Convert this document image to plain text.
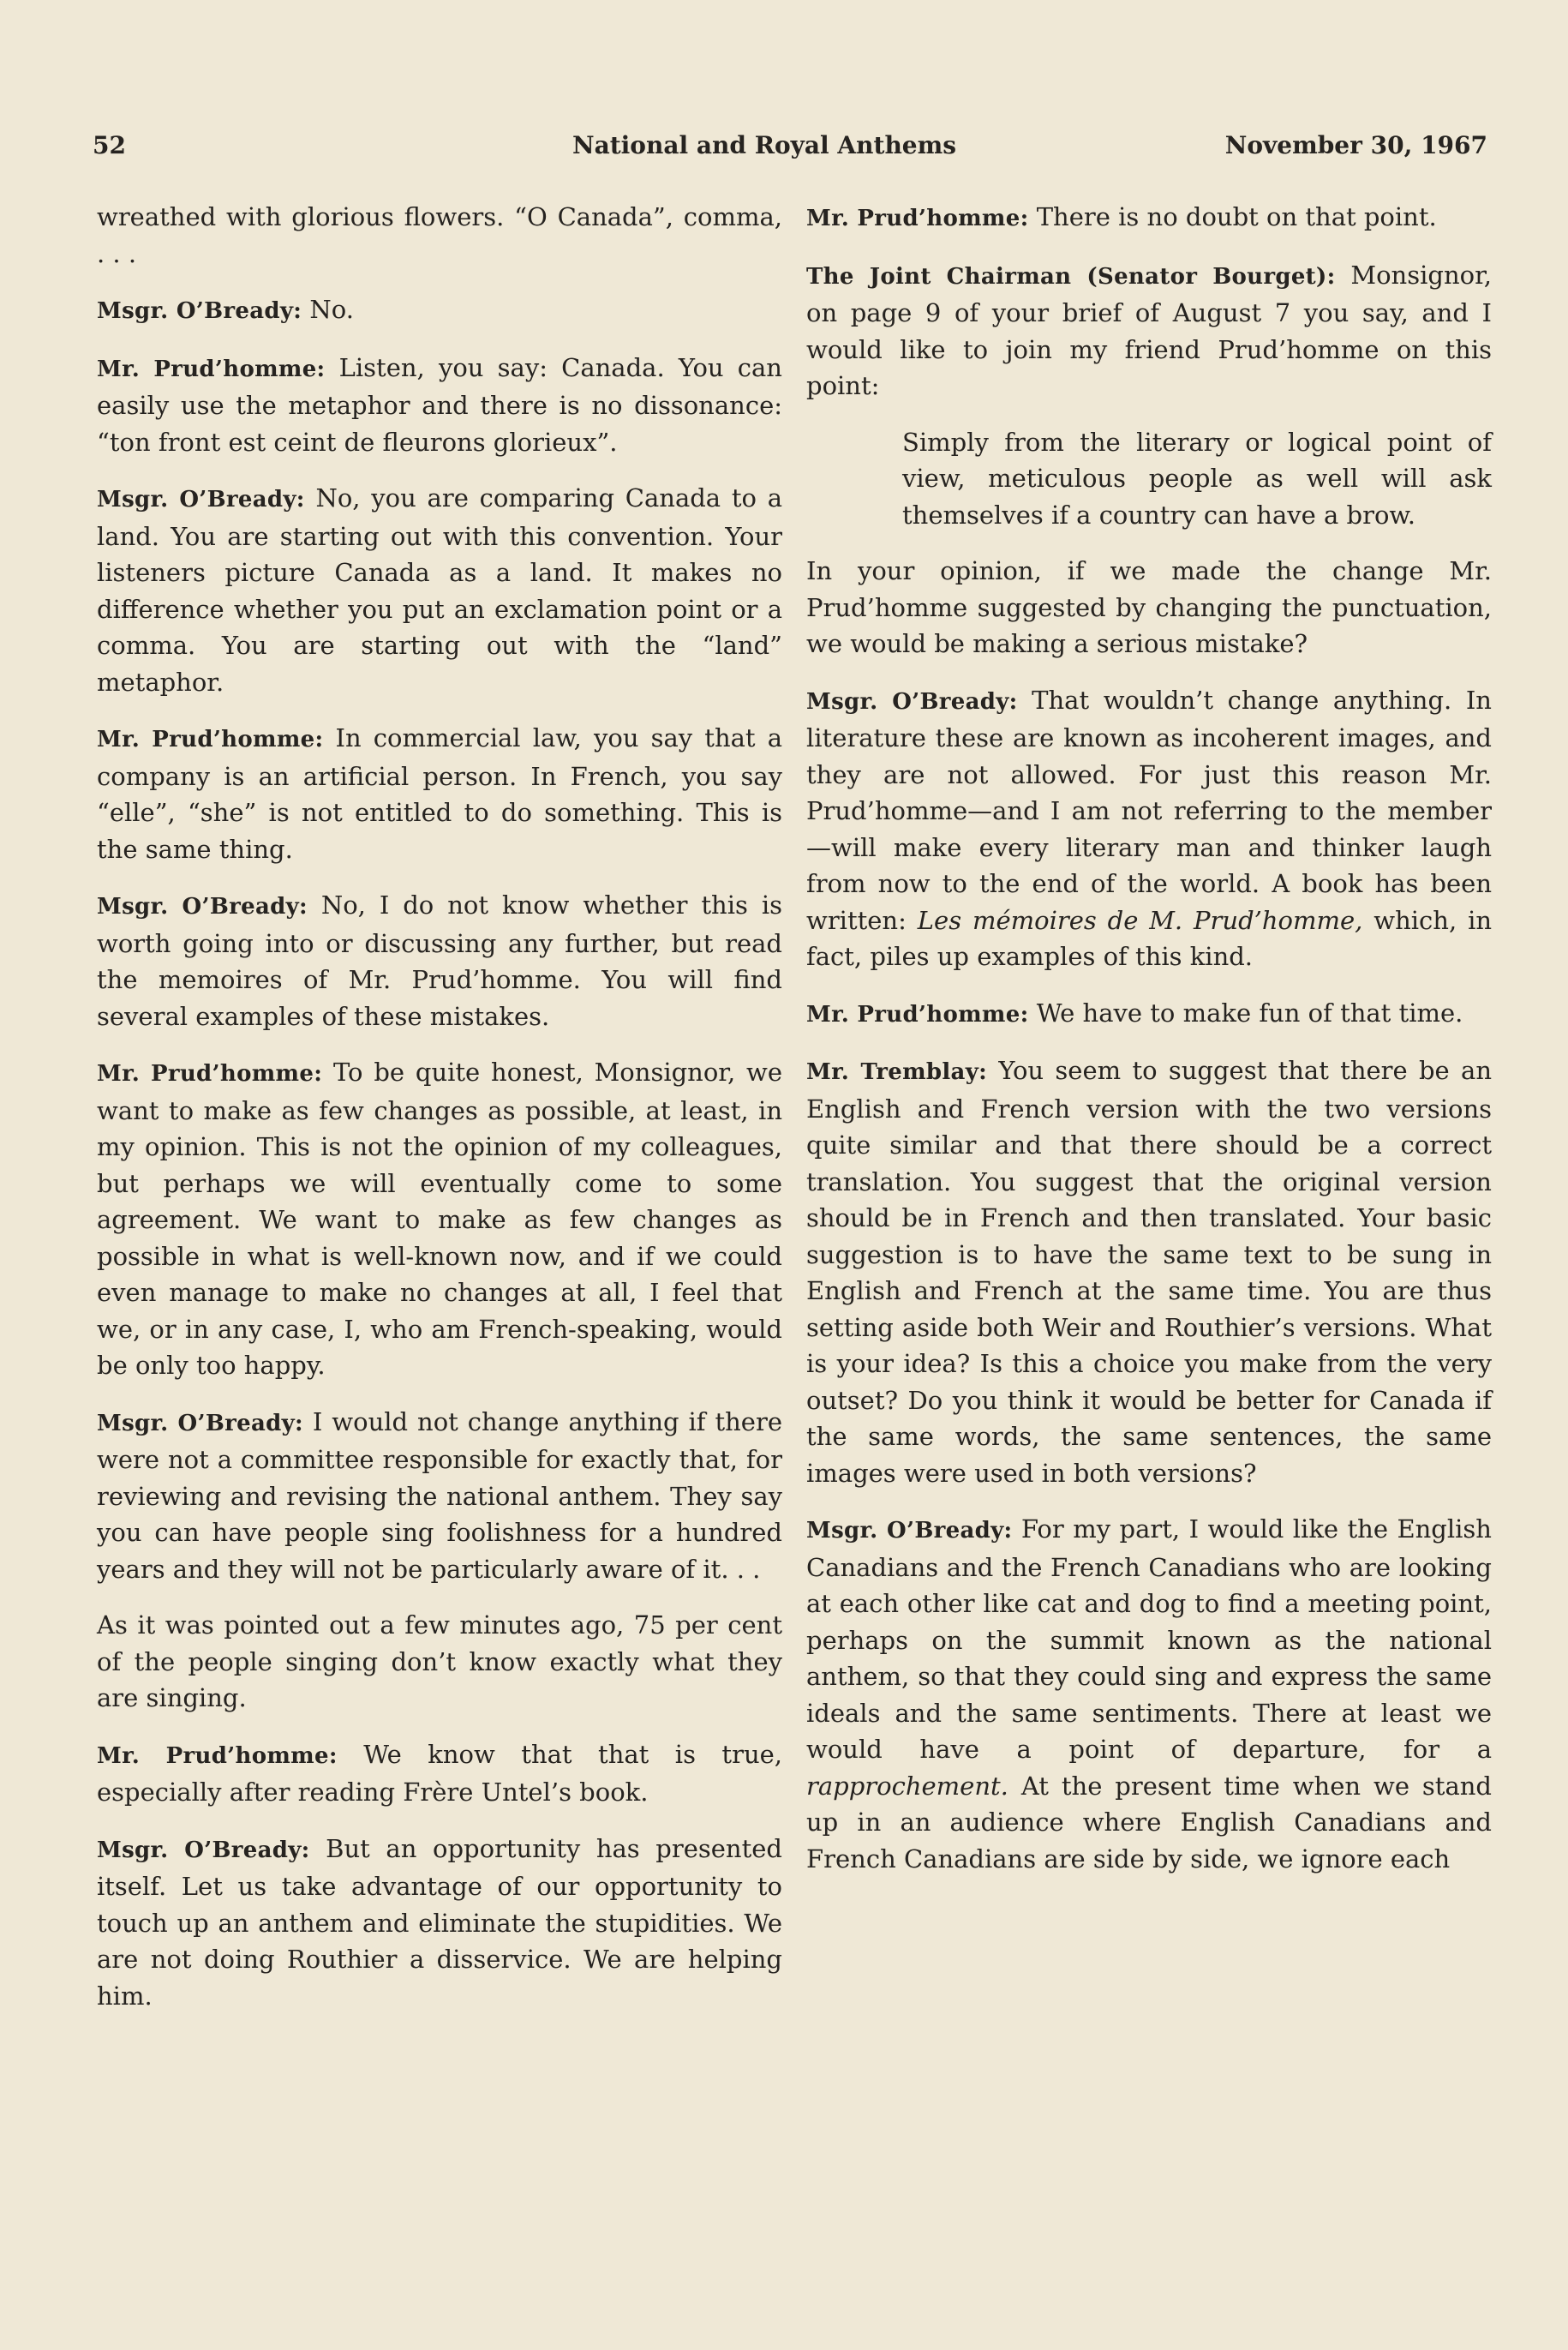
52	National and Royal Anthems	November 30, 1967

wreathed with glorious flowers. “O Canada”, comma, . . .

Msgr. O’Bready: No.

Mr. Prud’homme: Listen, you say: Canada. You can easily use the metaphor and there is no dissonance: “ton front est ceint de fleurons glorieux”.

Msgr. O’Bready: No, you are comparing Canada to a land. You are starting out with this convention. Your listeners picture Canada as a land. It makes no difference whether you put an exclamation point or a comma. You are starting out with the “land” metaphor.

Mr. Prud’homme: In commercial law, you say that a company is an artificial person. In French, you say “elle”, “she” is not entitled to do something. This is the same thing.

Msgr. O’Bready: No, I do not know whether this is worth going into or discussing any further, but read the memoires of Mr. Prud’homme. You will find several examples of these mistakes.

Mr. Prud’homme: To be quite honest, Monsignor, we want to make as few changes as possible, at least, in my opinion. This is not the opinion of my colleagues, but perhaps we will eventually come to some agreement. We want to make as few changes as possible in what is well-known now, and if we could even manage to make no changes at all, I feel that we, or in any case, I, who am French-speaking, would be only too happy.

Msgr. O’Bready: I would not change anything if there were not a committee responsible for exactly that, for reviewing and revising the national anthem. They say you can have people sing foolishness for a hundred years and they will not be particularly aware of it. . .

As it was pointed out a few minutes ago, 75 per cent of the people singing don’t know exactly what they are singing.

Mr. Prud’homme: We know that that is true, especially after reading Frère Untel’s book.

Msgr. O’Bready: But an opportunity has presented itself. Let us take advantage of our opportunity to touch up an anthem and eliminate the stupidities. We are not doing Routhier a disservice. We are helping him.

Mr. Prud’homme: There is no doubt on that point.

The Joint Chairman (Senator Bourget): Monsignor, on page 9 of your brief of August 7 you say, and I would like to join my friend Prud’homme on this point:

Simply from the literary or logical point of view, meticulous people as well will ask themselves if a country can have a brow.

In your opinion, if we made the change Mr. Prud’homme suggested by changing the punctuation, we would be making a serious mistake?

Msgr. O’Bready: That wouldn’t change anything. In literature these are known as incoherent images, and they are not allowed. For just this reason Mr. Prud’homme—and I am not referring to the member—will make every literary man and thinker laugh from now to the end of the world. A book has been written: Les mémoires de M. Prud’homme, which, in fact, piles up examples of this kind.

Mr. Prud’homme: We have to make fun of that time.

Mr. Tremblay: You seem to suggest that there be an English and French version with the two versions quite similar and that there should be a correct translation. You suggest that the original version should be in French and then translated. Your basic suggestion is to have the same text to be sung in English and French at the same time. You are thus setting aside both Weir and Routhier’s versions. What is your idea? Is this a choice you make from the very outset? Do you think it would be better for Canada if the same words, the same sentences, the same images were used in both versions?

Msgr. O’Bready: For my part, I would like the English Canadians and the French Canadians who are looking at each other like cat and dog to find a meeting point, perhaps on the summit known as the national anthem, so that they could sing and express the same ideals and the same sentiments. There at least we would have a point of departure, for a rapprochement. At the present time when we stand up in an audience where English Canadians and French Canadians are side by side, we ignore each
